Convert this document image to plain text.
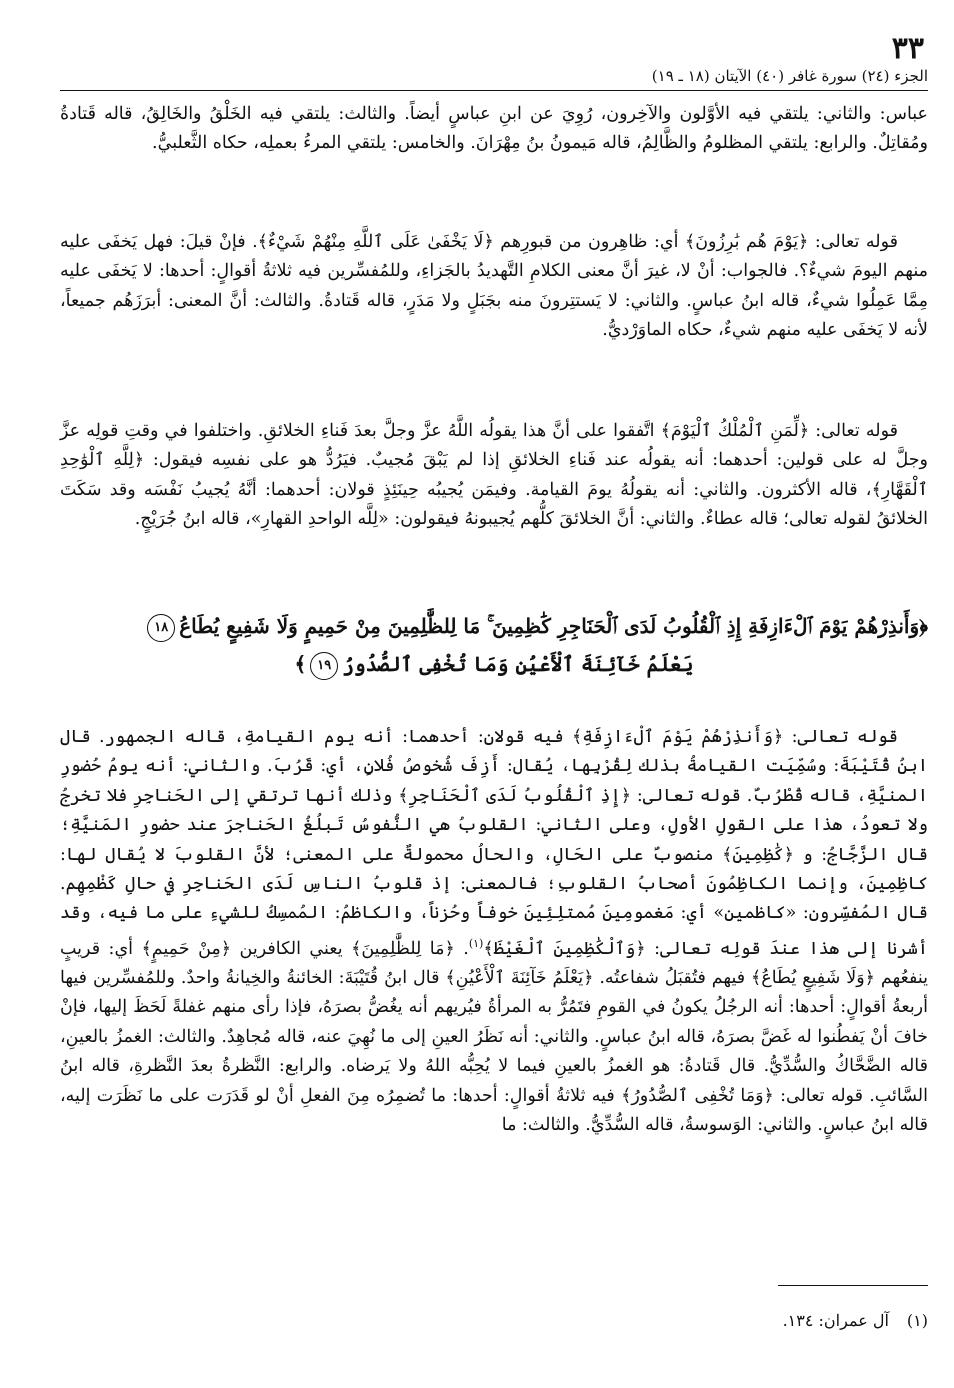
٣٣
الجزء (٢٤) سورة غافر (٤٠) الآيتان (١٨ ـ ١٩)

عباس: والثاني: يلتقي فيه الأوَّلون والآخِرون، رُوِيَ عن ابنِ عباسٍ أيضاً. والثالث: يلتقي فيه الخَلْقُ والخَالِقُ، قاله قَتادةُ ومُقاتِلٌ. والرابع: يلتقي المظلومُ والظَّالِمُ، قاله مَيمونُ بنُ مِهْرَانَ. والخامس: يلتقي المرءُ بعملِه، حكاه الثَّعلبيُّ.

قوله تعالى: ﴿يَوْمَ هُم بَٰرِزُونَ﴾ أي: ظاهِرون من قبورِهم ﴿لَا يَخْفَىٰ عَلَى ٱللَّهِ مِنْهُمْ شَيْءٌ﴾. فإنْ قيلَ: فهل يَخفَى عليه منهم اليومَ شيءٌ؟. فالجواب: أنْ لا، غيرَ أنَّ معنى الكلامِ التَّهديدُ بالجَزاءِ، وللمُفسِّرين فيه ثلاثةُ أقوالٍ: أحدها: لا يَخفَى عليه مِمَّا عَمِلُوا شيءٌ، قاله ابنُ عباسٍ. والثاني: لا يَستتِرونَ منه بجَبَلٍ ولا مَدَرٍ، قاله قَتادةُ. والثالث: أنَّ المعنى: أبرَزَهُم جميعاً، لأنه لا يَخفَى عليه منهم شيءٌ، حكاه الماوَرْديُّ.

قوله تعالى: ﴿لِّمَنِ ٱلْمُلْكُ ٱلْيَوْمَ﴾ اتَّفقوا على أنَّ هذا يقولُه اللَّهُ عزَّ وجلَّ بعدَ فَناءِ الخلائقِ. واختلفوا في وقتِ قولِه عزَّ وجلَّ له على قولين: أحدهما: أنه يقولُه عند فَناءِ الخلائقِ إذا لم يَبْقَ مُجيبٌ. فيَرُدُّ هو على نفسِه فيقول: ﴿لِلَّهِ ٱلْوَٰحِدِ ٱلْقَهَّارِ﴾، قاله الأكثرون. والثاني: أنه يقولُهُ يومَ القيامة. وفيمَن يُجيبُه حِينَئِذٍ قولان: أحدهما: أنَّهُ يُجيبُ نَفْسَه وقد سَكَتَ الخلائقُ لقوله تعالى؛ قاله عطاءٌ. والثاني: أنَّ الخلائقَ كلُّهم يُجيبونهُ فيقولون: «لِلَّه الواحدِ القهارِ»، قاله ابنُ جُرَيْجٍ.

﴿وَأَنذِرْهُمْ يَوْمَ ٱلْءَازِفَةِ إِذِ ٱلْقُلُوبُ لَدَى ٱلْحَنَاجِرِ كَٰظِمِينَ ۚ مَا لِلظَّٰلِمِينَ مِنْ حَمِيمٍ وَلَا شَفِيعٍ يُطَاعُ١٨
يَعْلَمُ خَآئِنَةَ ٱلْأَعْيُنِ وَمَا تُخْفِى ٱلصُّدُورُ١٩﴾

قوله تعالى: ﴿وَأَنذِرْهُمْ يَوْمَ ٱلْءَازِفَةِ﴾ فيه قولان: أحدهما: أنه يوم القيامةِ، قاله الجمهور. قال ابنُ قُتَيْبَةَ: وسُمِّيَت القيامةُ بذلك لِقُرْبِها، يُقال: أَزِفَ شُخوصُ فُلانٍ، أي: قَرُبَ. والثاني: أنه يومُ حُضورِ المنيَّةِ، قاله قُطْرُبٌ. قوله تعالى: ﴿إِذِ ٱلْقُلُوبُ لَدَى ٱلْحَنَاجِرِ﴾ وذلك أنها ترتقي إلى الحَناجِرِ فلا تخرجُ ولا تعودُ، هذا على القولِ الأولِ، وعلى الثاني: القلوبُ هي النُّفوسُ تَبلُغُ الحَناجرَ عند حضورِ المَنيَّةِ؛ قال الزَّجَّاجُ: و ﴿كَٰظِمِينَ﴾ منصوبٌ على الحَالِ، والحالُ محمولةٌ على المعنى؛ لأنَّ القلوبَ لا يُقال لها: كاظِمِينَ، وإنما الكاظِمُونَ أصحابُ القلوبِ؛ فالمعنى: إذ قلوبُ الناسِ لَدَى الحَناجِرِ في حالِ كَظْمِهِم. قال المُفسِّرون: «كاظمين» أي: مَغمومِينَ مُمتلِئِينَ خوفاً وحُزناً، والكاظمُ: المُمسِكُ للشيءِ على ما فيه، وقد أشرنا إلى هذا عندَ قولِه تعالى: ﴿وَٱلْكَٰظِمِينَ ٱلْغَيْظَ﴾$^{(١)}$. ﴿مَا لِلظَّٰلِمِينَ﴾ يعني الكافرين ﴿مِنْ حَمِيمٍ﴾ أي: قريبٍ ينفعُهم ﴿وَلَا شَفِيعٍ يُطَاعُ﴾ فيهم فتُقبَلُ شفاعتُه. ﴿يَعْلَمُ خَآئِنَةَ ٱلْأَعْيُنِ﴾ قال ابنُ قُتَيْبَةَ: الخائنةُ والخِيانةُ واحدٌ. وللمُفسِّرين فيها أربعةُ أقوالٍ: أحدها: أنه الرجُلُ يكونُ في القومِ فتَمُرُّ به المرأةُ فيُريهم أنه يغُضُّ بصرَهُ، فإذا رأى منهم غفلةً لَحَظَ إليها، فإنْ خافَ أنْ يَفطُنوا له غَضَّ بصرَهُ، قاله ابنُ عباسٍ. والثاني: أنه نَظَرُ العينِ إلى ما نُهِيَ عنه، قاله مُجاهِدٌ. والثالث: الغمزُ بالعينِ، قاله الضَّحَّاكُ والسُّدِّيُّ. قال قَتادةُ: هو الغمزُ بالعينِ فيما لا يُحِبُّه اللهُ ولا يَرضاه. والرابع: النَّظرةُ بعدَ النَّظرةِ، قاله ابنُ السَّائبِ. قوله تعالى: ﴿وَمَا تُخْفِى ٱلصُّدُورُ﴾ فيه ثلاثةُ أقوالٍ: أحدها: ما تُضمِرُه مِنَ الفعلِ أنْ لو قَدَرَت على ما نَظَرَت إليه، قاله ابنُ عباسٍ. والثاني: الوَسوسةُ، قاله السُّدِّيُّ. والثالث: ما

(١)آل عمران: ١٣٤.
